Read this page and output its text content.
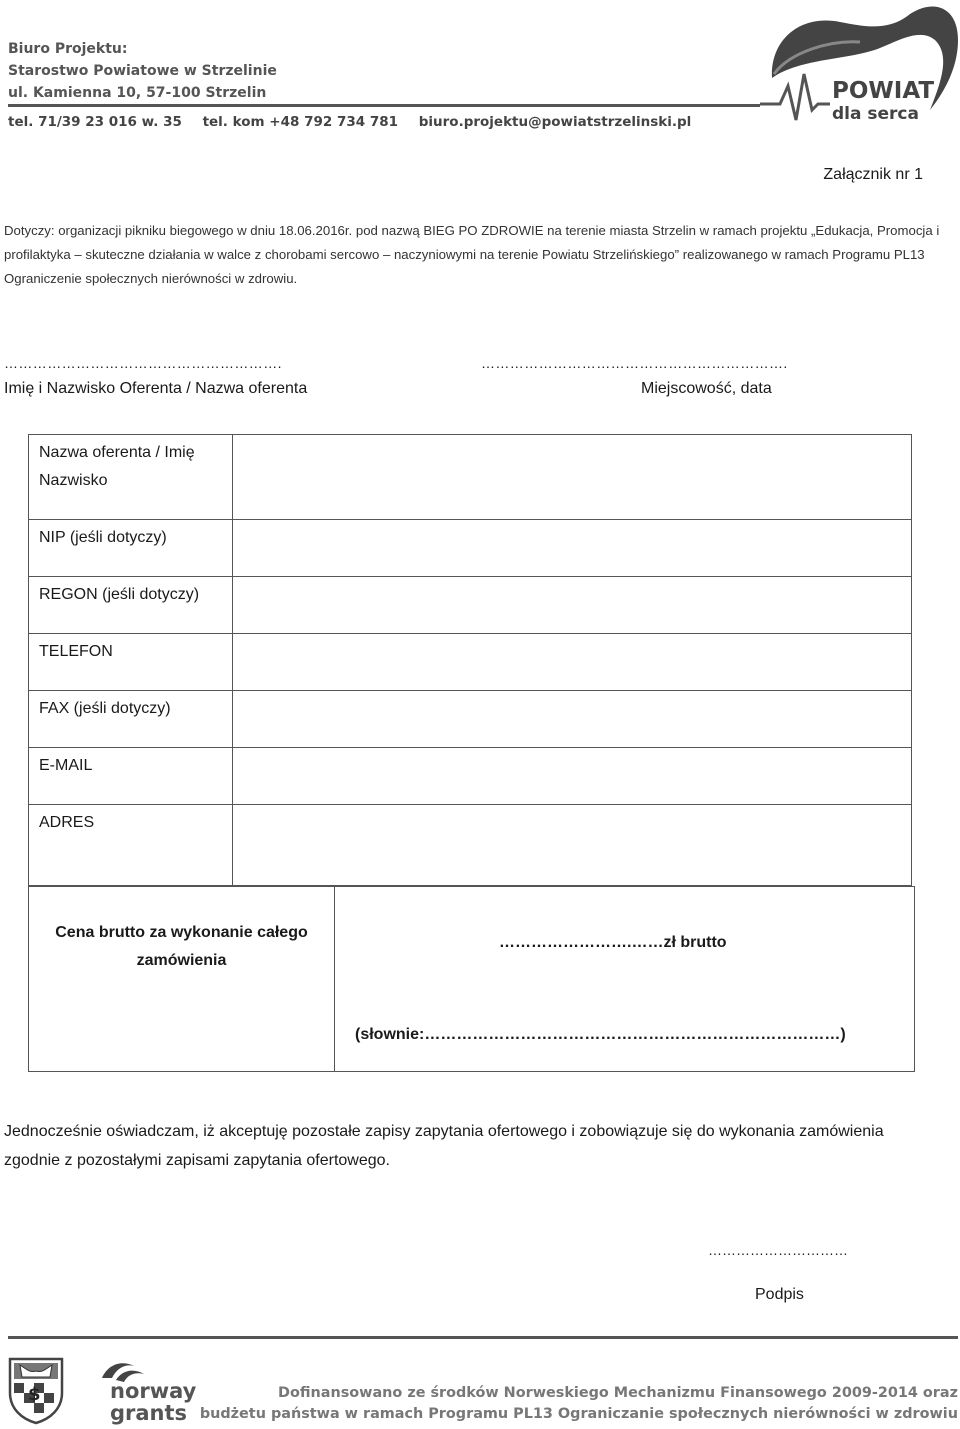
Biuro Projektu:
Starostwo Powiatowe w Strzelinie
ul. Kamienna 10, 57-100 Strzelin
tel. 71/39 23 016 w. 35 tel. kom +48 792 734 781 biuro.projektu@powiatstrzelinski.pl
POWIAT
dla serca
Załącznik nr 1
Dotyczy: organizacji pikniku biegowego w dniu 18.06.2016r. pod nazwą BIEG PO ZDROWIE na terenie miasta Strzelin w ramach projektu „Edukacja, Promocja i profilaktyka – skuteczne działania w walce z chorobami sercowo – naczyniowymi na terenie Powiatu Strzelińskiego” realizowanego w ramach Programu PL13 Ograniczenie społecznych nierówności w zdrowiu.
………………………………………………….	……………………………………………………….
Imię i Nazwisko Oferenta / Nazwa oferenta	Miejscowość, data
Nazwa oferenta / Imię Nazwisko
NIP (jeśli dotyczy)
REGON (jeśli dotyczy)
TELEFON
FAX (jeśli dotyczy)
E-MAIL
ADRES
Cena brutto za wykonanie całego zamówienia
…………………….……zł brutto
(słownie:……………………………………………………………………)
Jednocześnie oświadczam, iż akceptuję pozostałe zapisy zapytania ofertowego i zobowiązuje się do wykonania zamówienia zgodnie z pozostałymi zapisami zapytania ofertowego.
…………………………
Podpis
$	norway
grants
Dofinansowano ze środków Norweskiego Mechanizmu Finansowego 2009-2014 oraz
budżetu państwa w ramach Programu PL13 Ograniczanie społecznych nierówności w zdrowiu
